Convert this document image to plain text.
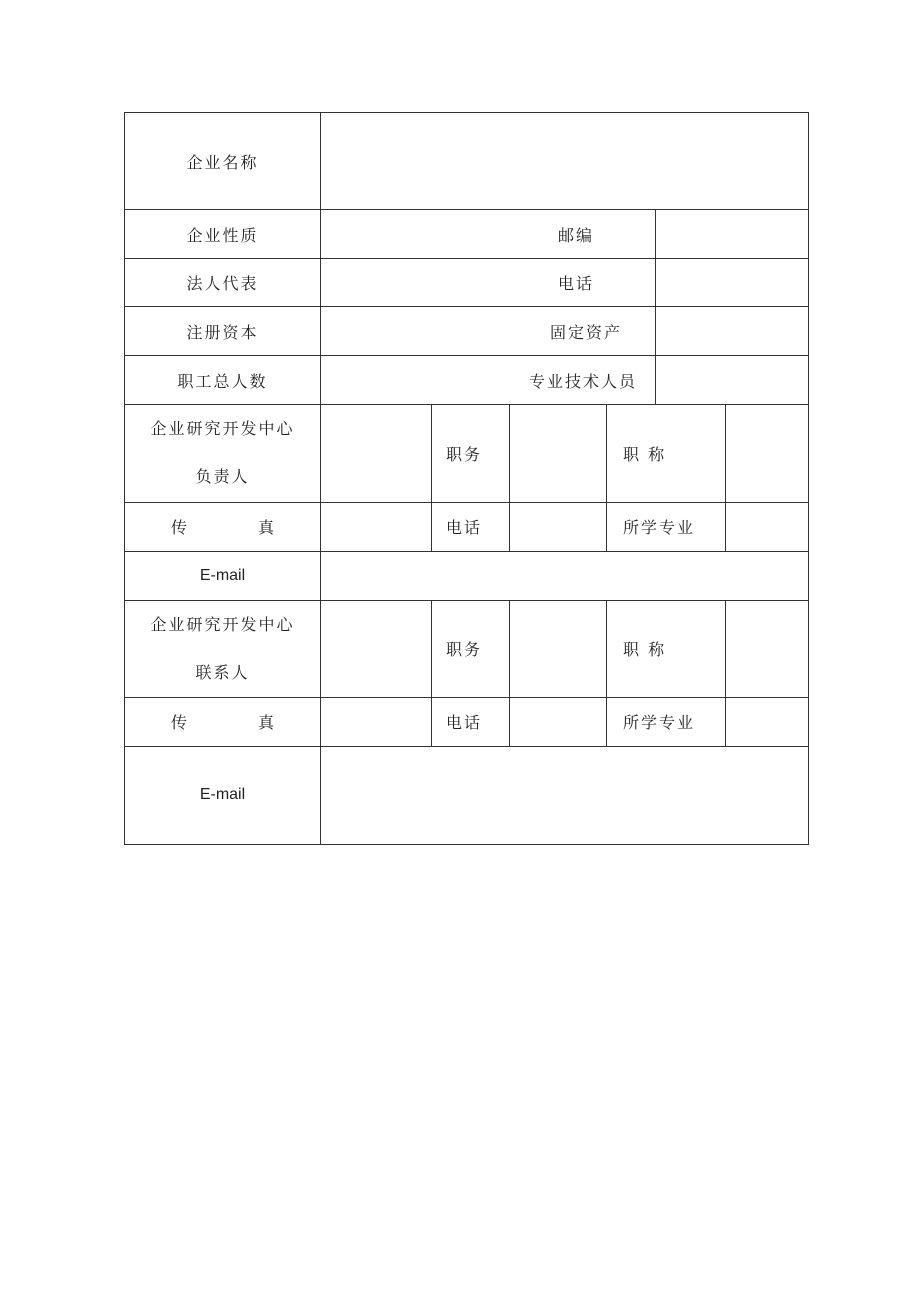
企业名称						
企业性质	邮编					
法人代表	电话					
注册资本	固定资产					
职工总人数	专业技术人员					

企业研究开发中心
负责人		职务		职 称		

传 真		电话		所学专业		
E-mail						

企业研究开发中心
联系人		职务		职 称		

传 真		电话		所学专业		
E-mail						
